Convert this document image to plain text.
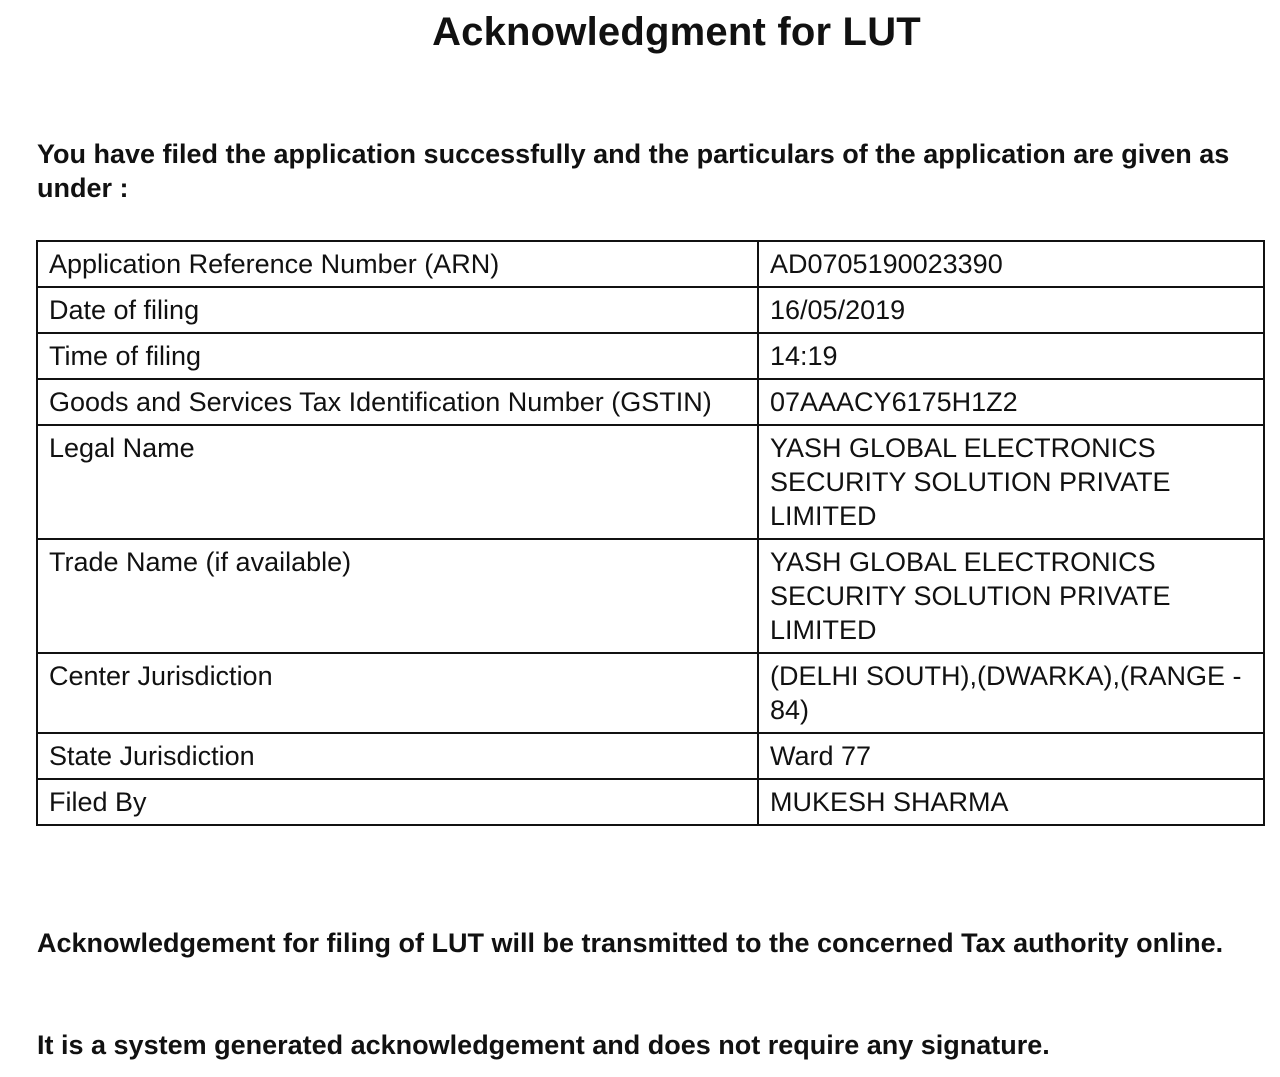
Acknowledgment for LUT
You have filed the application successfully and the particulars of the application are given as under :
Application Reference Number (ARN)	AD0705190023390
Date of filing	16/05/2019
Time of filing	14:19
Goods and Services Tax Identification Number (GSTIN)	07AAACY6175H1Z2
Legal Name	YASH GLOBAL ELECTRONICS SECURITY SOLUTION PRIVATE LIMITED
Trade Name (if available)	YASH GLOBAL ELECTRONICS SECURITY SOLUTION PRIVATE LIMITED
Center Jurisdiction	(DELHI SOUTH),(DWARKA),(RANGE - 84)
State Jurisdiction	Ward 77
Filed By	MUKESH SHARMA
Acknowledgement for filing of LUT will be transmitted to the concerned Tax authority online.
It is a system generated acknowledgement and does not require any signature.
